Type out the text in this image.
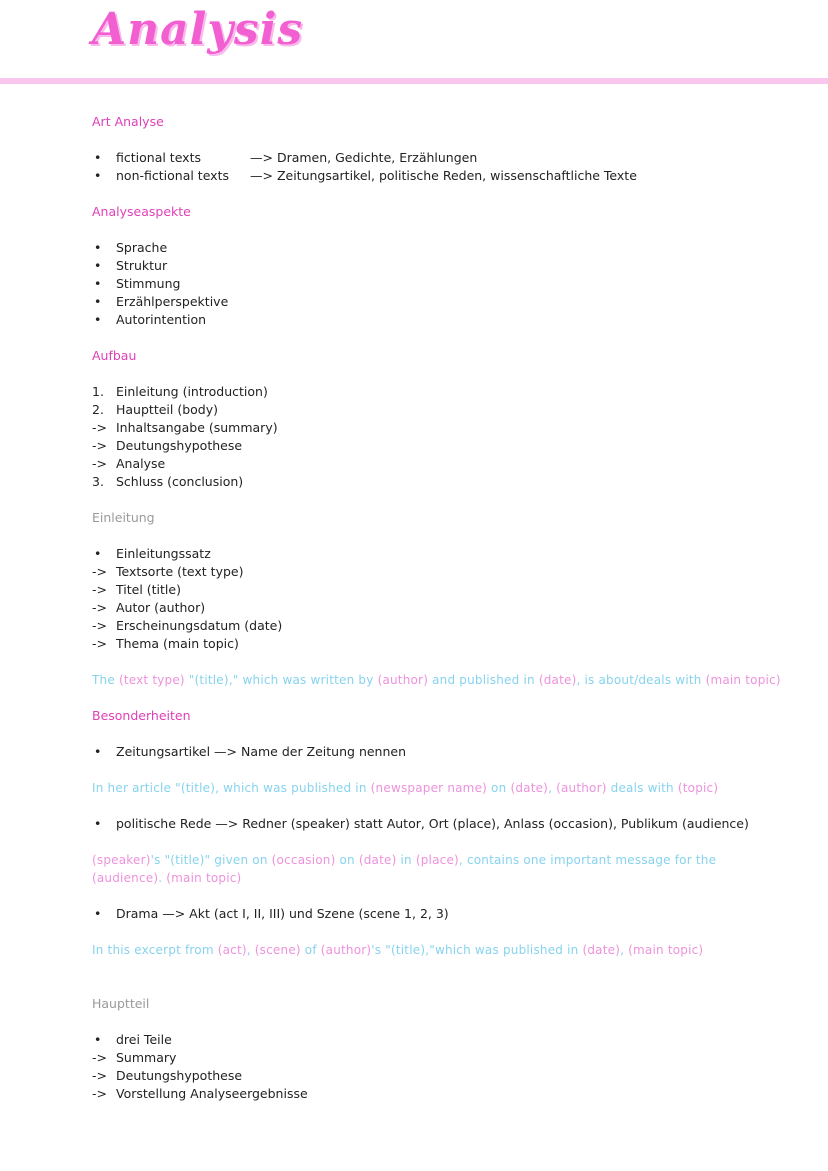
Analysis

Art Analyse

•	fictional texts	—> Dramen, Gedichte, Erzählungen
•	non-fictional texts —> Zeitungsartikel, politische Reden, wissenschaftliche Texte

Analyseaspekte

•	Sprache
•	Struktur
•	Stimmung
•	Erzählperspektive
•	Autorintention

Aufbau

1. Einleitung (introduction)
2. Hauptteil (body)
-> Inhaltsangabe (summary)
-> Deutungshypothese
-> Analyse
3. Schluss (conclusion)

Einleitung

•	Einleitungssatz
-> Textsorte (text type)
-> Titel (title)
-> Autor (author)
-> Erscheinungsdatum (date)
-> Thema (main topic)

The (text type) "(title)," which was written by (author) and published in (date), is about/deals with (main topic)

Besonderheiten

•	Zeitungsartikel —> Name der Zeitung nennen

In her article "(title), which was published in (newspaper name) on (date), (author) deals with (topic)

•	politische Rede —> Redner (speaker) statt Autor, Ort (place), Anlass (occasion), Publikum (audience)

(speaker)'s "(title)" given on (occasion) on (date) in (place), contains one important message for the (audience). (main topic)

•	Drama —> Akt (act I, II, III) und Szene (scene 1, 2, 3)

In this excerpt from (act), (scene) of (author)'s "(title),"which was published in (date), (main topic)

Hauptteil

•	drei Teile
-> Summary
-> Deutungshypothese
-> Vorstellung Analyseergebnisse
